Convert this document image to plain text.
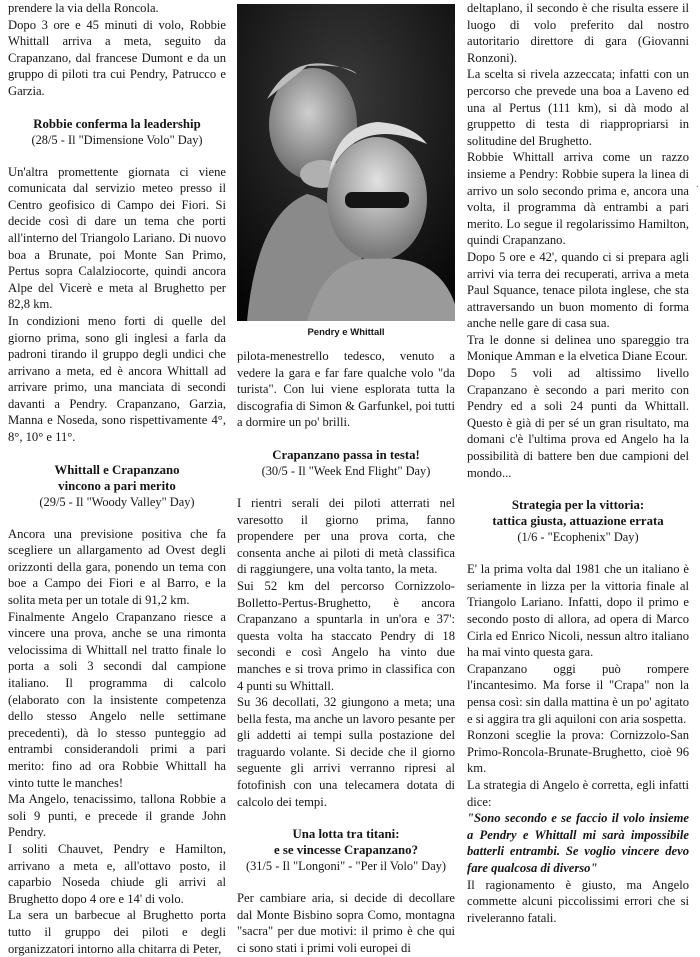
prendere la via della Roncola.

Dopo 3 ore e 45 minuti di volo, Robbie Whittall arriva a meta, seguito da Crapanzano, dal francese Dumont e da un gruppo di piloti tra cui Pendry, Patrucco e Garzia.

Robbie conferma la leadership

(28/5 - Il "Dimensione Volo" Day)

Un'altra promettente giornata ci viene comunicata dal servizio meteo presso il Centro geofisico di Campo dei Fiori. Si decide così di dare un tema che porti all'interno del Triangolo Lariano. Di nuovo boa a Brunate, poi Monte San Primo, Pertus sopra Calalziocorte, quindi ancora Alpe del Vicerè e meta al Brughetto per 82,8 km.

In condizioni meno forti di quelle del giorno prima, sono gli inglesi a farla da padroni tirando il gruppo degli undici che arrivano a meta, ed è ancora Whittall ad arrivare primo, una manciata di secondi davanti a Pendry. Crapanzano, Garzia, Manna e Noseda, sono rispettivamente 4°, 8°, 10° e 11°.

Whittall e Crapanzano

vincono a pari merito

(29/5 - Il "Woody Valley" Day)

Ancora una previsione positiva che fa scegliere un allargamento ad Ovest degli orizzonti della gara, ponendo un tema con boe a Campo dei Fiori e al Barro, e la solita meta per un totale di 91,2 km.

Finalmente Angelo Crapanzano riesce a vincere una prova, anche se una rimonta velocissima di Whittall nel tratto finale lo porta a soli 3 secondi dal campione italiano. Il programma di calcolo (elaborato con la insistente competenza dello stesso Angelo nelle settimane precedenti), dà lo stesso punteggio ad entrambi considerandoli primi a pari merito: fino ad ora Robbie Whittall ha vinto tutte le manches!

Ma Angelo, tenacissimo, tallona Robbie a soli 9 punti, e precede il grande John Pendry.

I soliti Chauvet, Pendry e Hamilton, arrivano a meta e, all'ottavo posto, il caparbio Noseda chiude gli arrivi al Brughetto dopo 4 ore e 14' di volo.

La sera un barbecue al Brughetto porta tutto il gruppo dei piloti e degli organizzatori intorno alla chitarra di Peter,

Pendry e Whittall

pilota-menestrello tedesco, venuto a vedere la gara e far fare qualche volo "da turista". Con lui viene esplorata tutta la discografia di Simon & Garfunkel, poi tutti a dormire un po' brilli.

Crapanzano passa in testa!

(30/5 - Il "Week End Flight" Day)

I rientri serali dei piloti atterrati nel varesotto il giorno prima, fanno propendere per una prova corta, che consenta anche ai piloti di metà classifica di raggiungere, una volta tanto, la meta.

Sui 52 km del percorso Cornizzolo-Bolletto-Pertus-Brughetto, è ancora Crapanzano a spuntarla in un'ora e 37': questa volta ha staccato Pendry di 18 secondi e così Angelo ha vinto due manches e si trova primo in classifica con 4 punti su Whittall.

Su 36 decollati, 32 giungono a meta; una bella festa, ma anche un lavoro pesante per gli addetti ai tempi sulla postazione del traguardo volante. Si decide che il giorno seguente gli arrivi verranno ripresi al fotofinish con una telecamera dotata di calcolo dei tempi.

Una lotta tra titani:

e se vincesse Crapanzano?

(31/5 - Il "Longoni" - "Per il Volo" Day)

Per cambiare aria, si decide di decollare dal Monte Bisbino sopra Como, montagna "sacra" per due motivi: il primo è che qui ci sono stati i primi voli europei di

deltaplano, il secondo è che risulta essere il luogo di volo preferito dal nostro autoritario direttore di gara (Giovanni Ronzoni).

La scelta si rivela azzeccata; infatti con un percorso che prevede una boa a Laveno ed una al Pertus (111 km), si dà modo al gruppetto di testa di riappropriarsi in solitudine del Brughetto.

Robbie Whittall arriva come un razzo insieme a Pendry: Robbie supera la linea di arrivo un solo secondo prima e, ancora una volta, il programma dà entrambi a pari merito. Lo segue il regolarissimo Hamilton, quindi Crapanzano.

Dopo 5 ore e 42', quando ci si prepara agli arrivi via terra dei recuperati, arriva a meta Paul Squance, tenace pilota inglese, che sta attraversando un buon momento di forma anche nelle gare di casa sua.

Tra le donne si delinea uno spareggio tra Monique Amman e la elvetica Diane Ecour.

Dopo 5 voli ad altissimo livello Crapanzano è secondo a pari merito con Pendry ed a soli 24 punti da Whittall. Questo è già di per sé un gran risultato, ma domani c'è l'ultima prova ed Angelo ha la possibilità di battere ben due campioni del mondo...

Strategia per la vittoria:

tattica giusta, attuazione errata

(1/6 - "Ecophenix" Day)

E' la prima volta dal 1981 che un italiano è seriamente in lizza per la vittoria finale al Triangolo Lariano. Infatti, dopo il primo e secondo posto di allora, ad opera di Marco Cirla ed Enrico Nicoli, nessun altro italiano ha mai vinto questa gara.

Crapanzano oggi può rompere l'incantesimo. Ma forse il "Crapa" non la pensa così: sin dalla mattina è un po' agitato e si aggira tra gli aquiloni con aria sospetta.

Ronzoni sceglie la prova: Cornizzolo-San Primo-Roncola-Brunate-Brughetto, cioè 96 km.

La strategia di Angelo è corretta, egli infatti dice:

"Sono secondo e se faccio il volo insieme a Pendry e Whittall mi sarà impossibile batterli entrambi. Se voglio vincere devo fare qualcosa di diverso"

Il ragionamento è giusto, ma Angelo commette alcuni piccolissimi errori che si riveleranno fatali.

·
